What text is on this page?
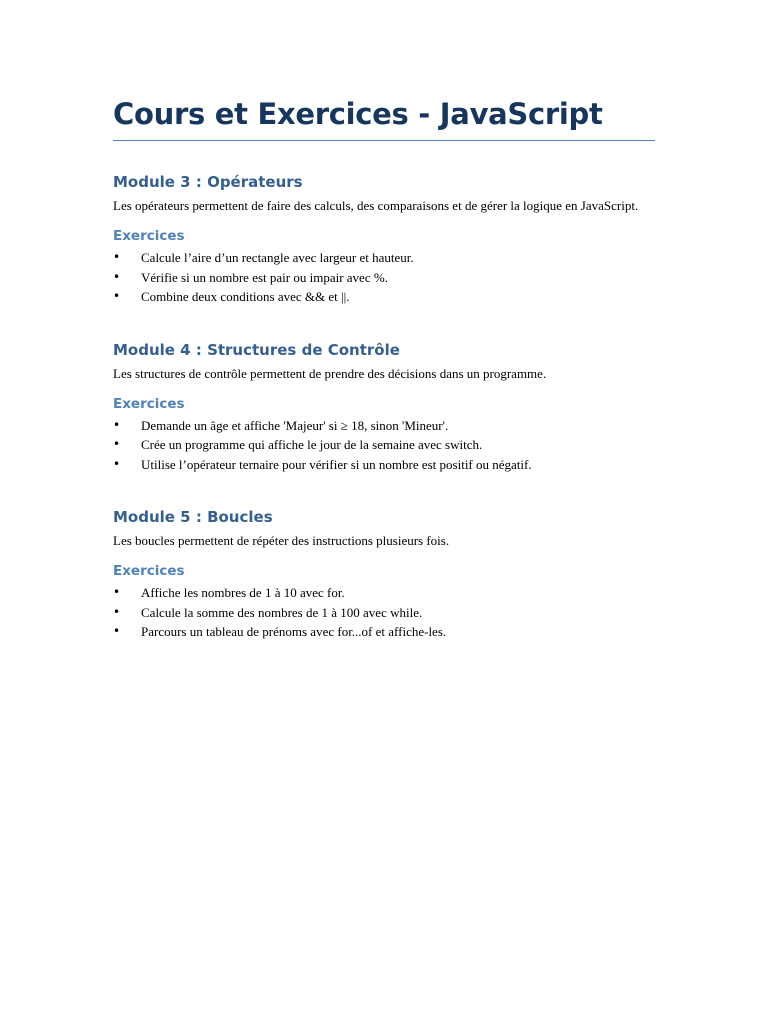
Cours et Exercices - JavaScript
Module 3 : Opérateurs

Les opérateurs permettent de faire des calculs, des comparaisons et de gérer la logique en JavaScript.

Exercices
• Calcule l’aire d’un rectangle avec largeur et hauteur.
• Vérifie si un nombre est pair ou impair avec %.
• Combine deux conditions avec && et ||.
Module 4 : Structures de Contrôle

Les structures de contrôle permettent de prendre des décisions dans un programme.

Exercices
• Demande un âge et affiche 'Majeur' si ≥ 18, sinon 'Mineur'.
• Crée un programme qui affiche le jour de la semaine avec switch.
• Utilise l’opérateur ternaire pour vérifier si un nombre est positif ou négatif.
Module 5 : Boucles

Les boucles permettent de répéter des instructions plusieurs fois.

Exercices
• Affiche les nombres de 1 à 10 avec for.
• Calcule la somme des nombres de 1 à 100 avec while.
• Parcours un tableau de prénoms avec for...of et affiche-les.
